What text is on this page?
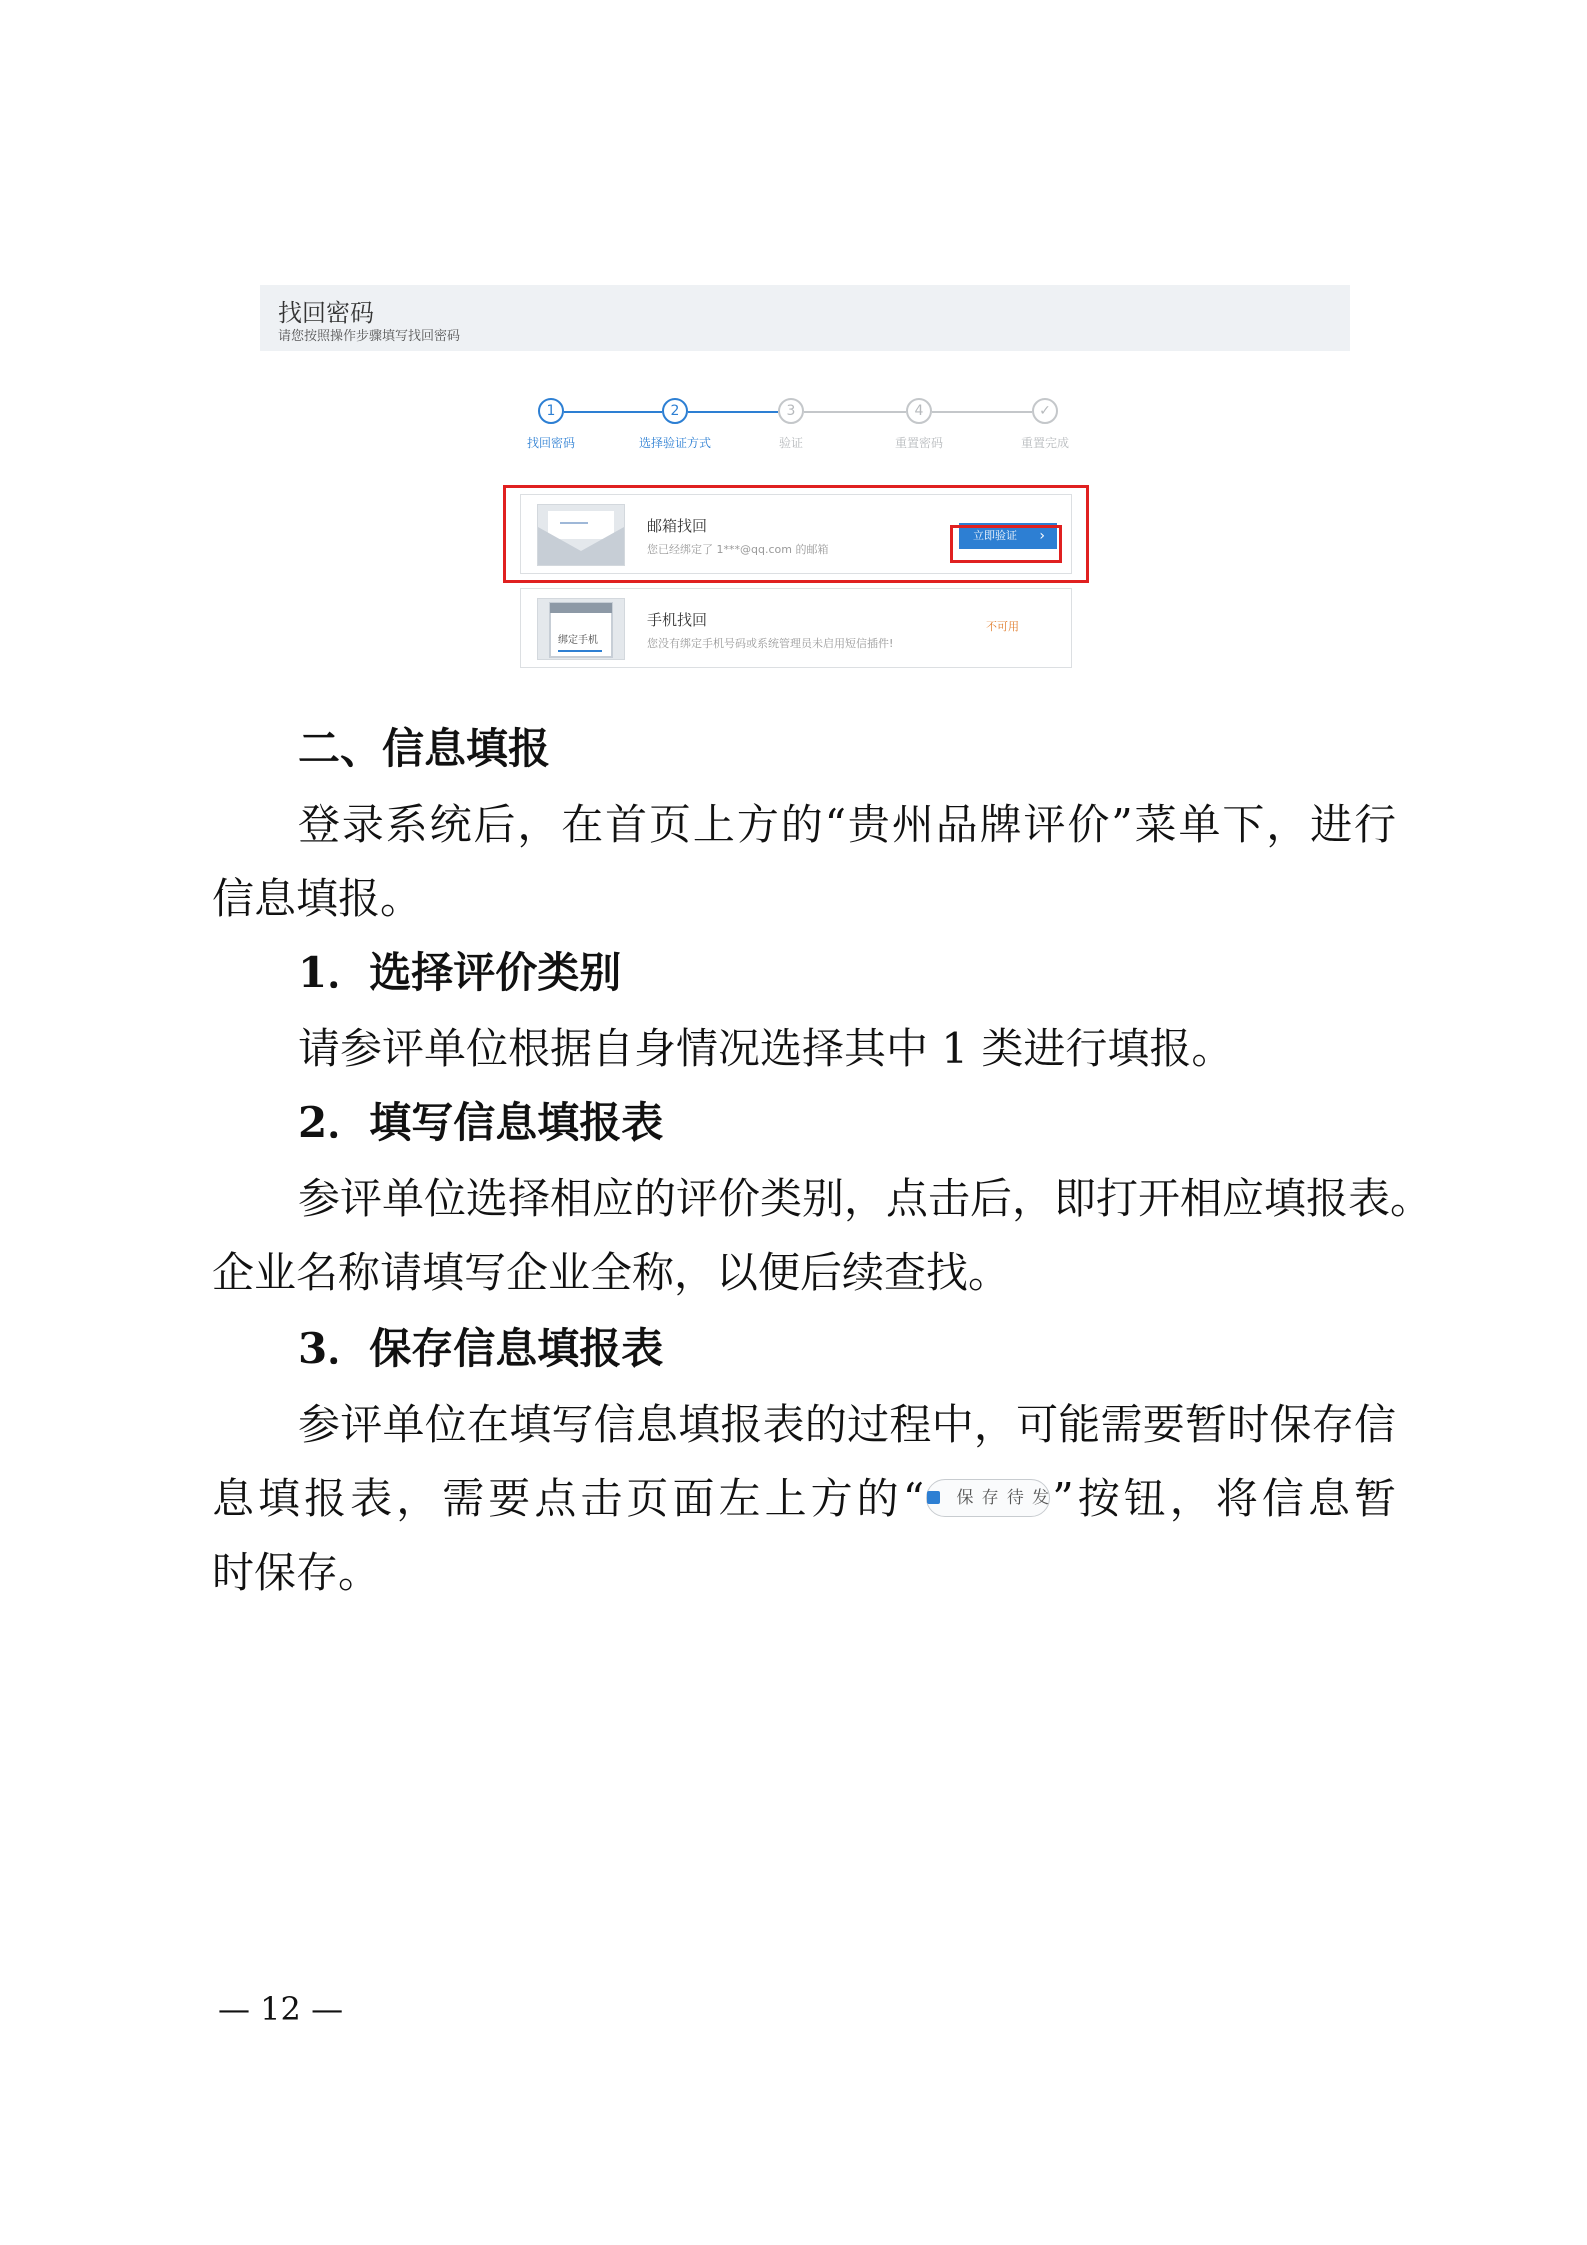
找回密码
请您按照操作步骤填写找回密码
1
找回密码
2
选择验证方式
3
验证
4
重置密码
✓
重置完成
邮箱找回
您已经绑定了 1***@qq.com 的邮箱
立即验证 ›
绑定手机
手机找回
您没有绑定手机号码或系统管理员未启用短信插件!
不可用
二、信息填报
登录系统后，在首页上方的“贵州品牌评价”菜单下，进行
信息填报。
1．选择评价类别
请参评单位根据自身情况选择其中 1 类进行填报。
2．填写信息填报表
参评单位选择相应的评价类别，点击后，即打开相应填报表。
企业名称请填写企业全称，以便后续查找。
3．保存信息填报表
参评单位在填写信息填报表的过程中，可能需要暂时保存信
息填报表，需要点击页面左上方的“ 保存待发”按钮，将信息暂
时保存。
— 12 —
